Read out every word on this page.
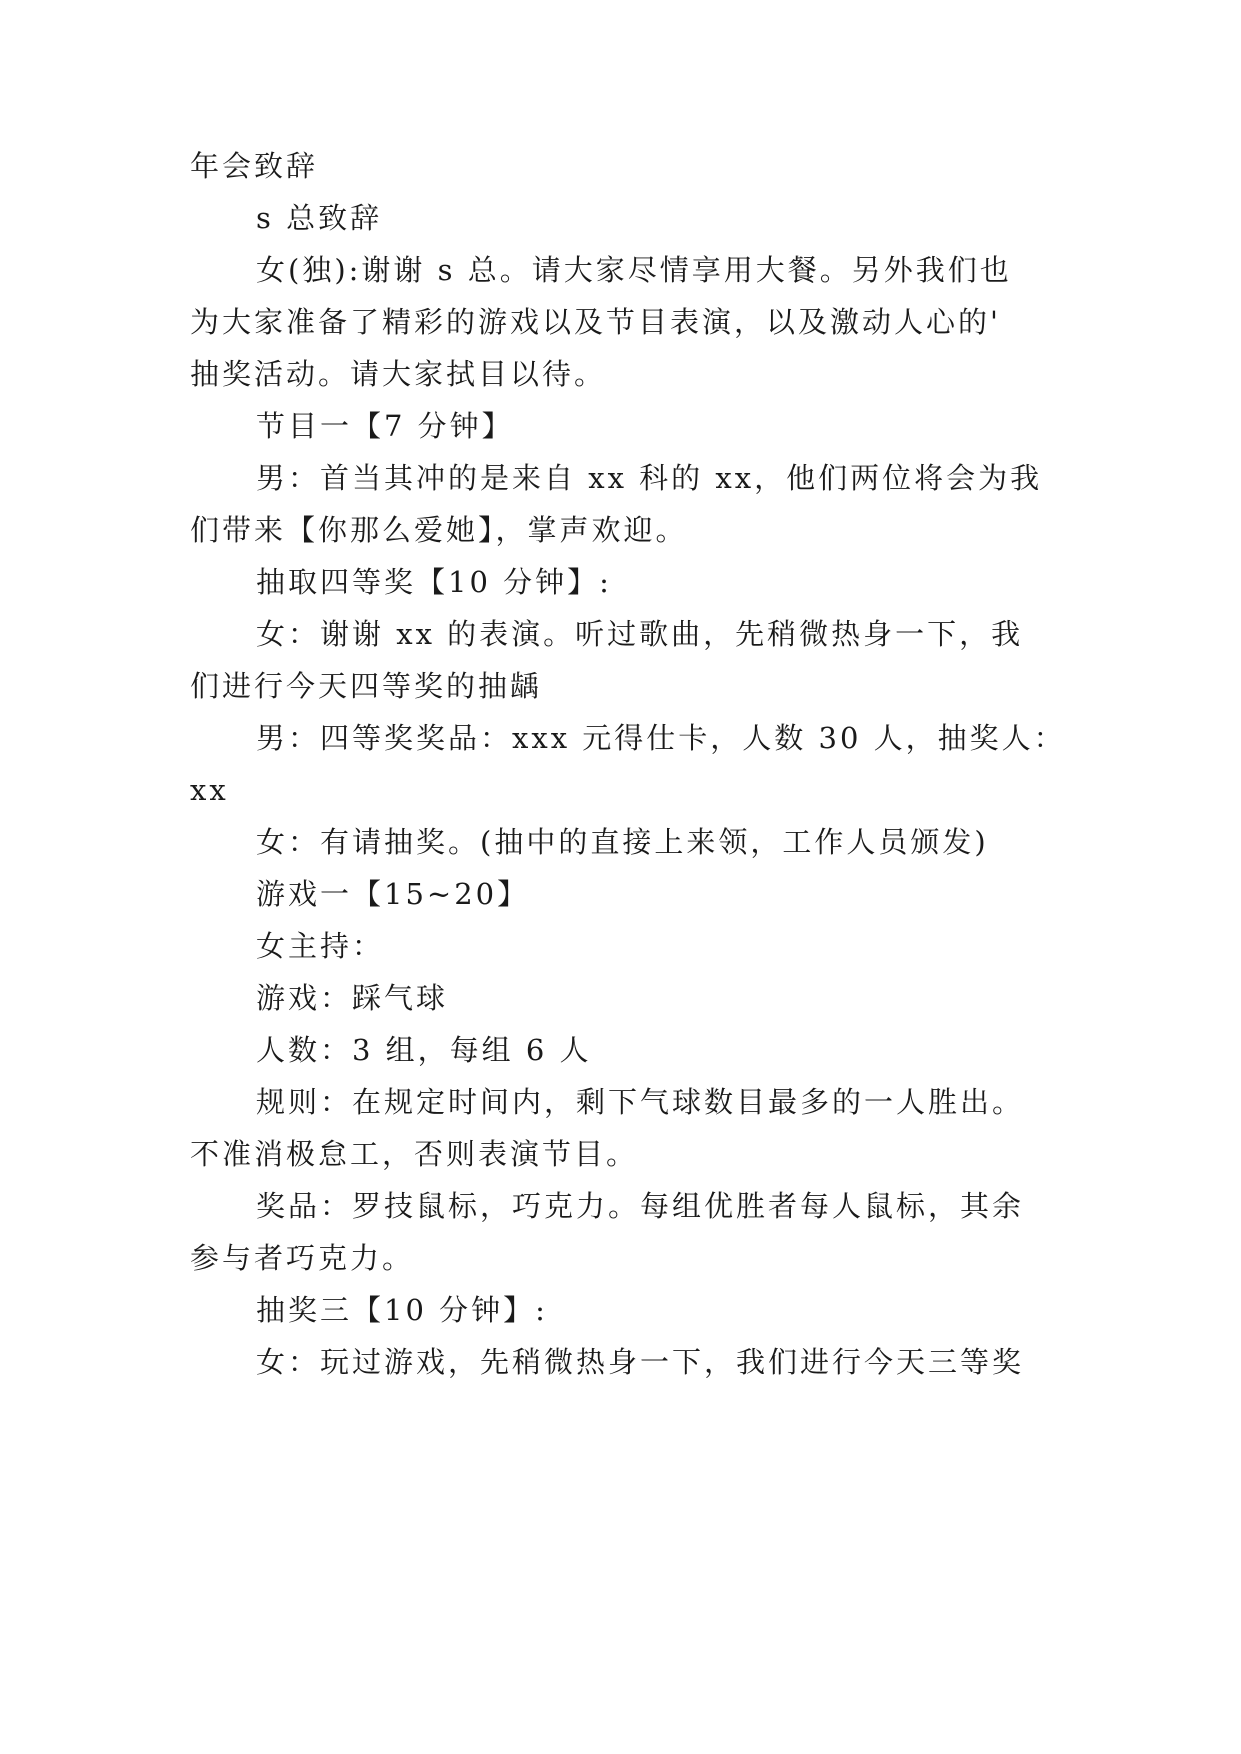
年会致辞
s 总致辞
女(独):谢谢 s 总。请大家尽情享用大餐。另外我们也
为大家准备了精彩的游戏以及节目表演，以及激动人心的'
抽奖活动。请大家拭目以待。
节目一【7 分钟】
男：首当其冲的是来自 xx 科的 xx，他们两位将会为我
们带来【你那么爱她】，掌声欢迎。
抽取四等奖【10 分钟】:
女：谢谢 xx 的表演。听过歌曲，先稍微热身一下，我
们进行今天四等奖的抽龋
男：四等奖奖品：xxx 元得仕卡，人数 30 人，抽奖人：
xx
女：有请抽奖。(抽中的直接上来领，工作人员颁发)
游戏一【15~20】
女主持：
游戏：踩气球
人数：3 组，每组 6 人
规则：在规定时间内，剩下气球数目最多的一人胜出。
不准消极怠工，否则表演节目。
奖品：罗技鼠标，巧克力。每组优胜者每人鼠标，其余
参与者巧克力。
抽奖三【10 分钟】:
女：玩过游戏，先稍微热身一下，我们进行今天三等奖
